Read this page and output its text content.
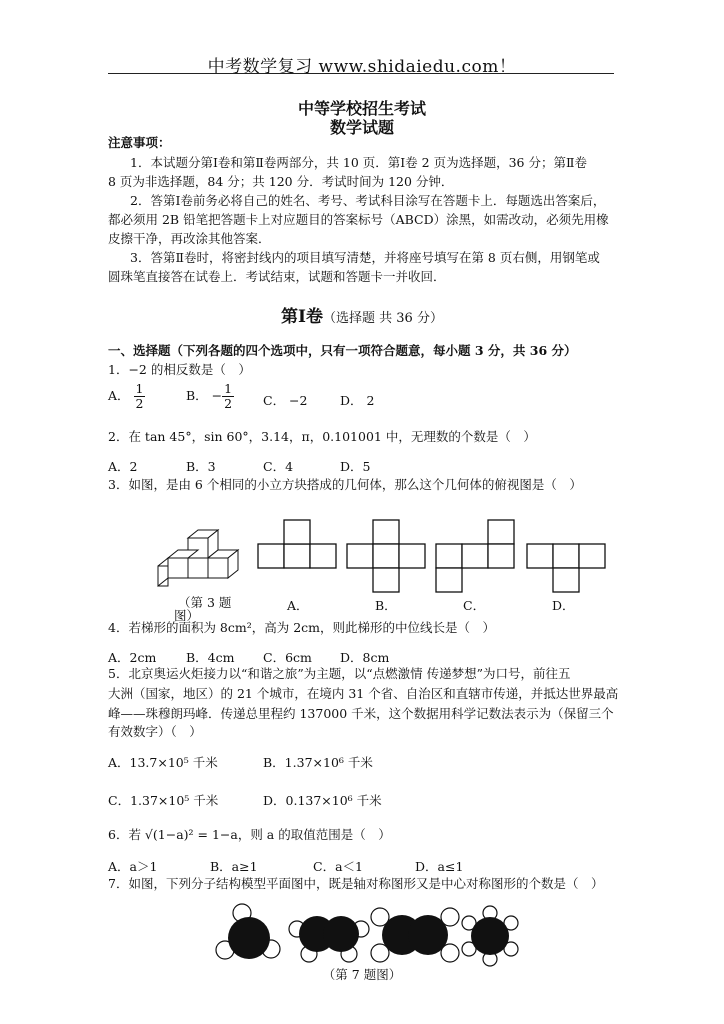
中考数学复习 www.shidaiedu.com！
中等学校招生考试
数学试题
注意事项：
1．本试题分第Ⅰ卷和第Ⅱ卷两部分，共 10 页．第Ⅰ卷 2 页为选择题，36 分；第Ⅱ卷
8 页为非选择题，84 分；共 120 分．考试时间为 120 分钟．
2．答第Ⅰ卷前务必将自己的姓名、考号、考试科目涂写在答题卡上．每题选出答案后，
都必须用 2B 铅笔把答题卡上对应题目的答案标号（ABCD）涂黑，如需改动，必须先用橡
皮擦干净，再改涂其他答案．
3．答第Ⅱ卷时，将密封线内的项目填写清楚，并将座号填写在第 8 页右侧，用钢笔或
圆珠笔直接答在试卷上．考试结束，试题和答题卡一并收回．
第Ⅰ卷（选择题 共 36 分）
一、选择题（下列各题的四个选项中，只有一项符合题意，每小题 3 分，共 36 分）
1．−2 的相反数是（　）
A． $\frac{1}{2}$	B． − $\frac{1}{2}$ C． −2	D． 2
2．在 tan 45°，sin 60°，3.14，π，0.101001 中，无理数的个数是（　）
A．2	B．3	C．4	D．5
3．如图，是由 6 个相同的小立方块搭成的几何体，那么这个几何体的俯视图是（　）
（第 3 题
图）
A．	B．	C．	D．
4．若梯形的面积为 8cm²，高为 2cm，则此梯形的中位线长是（　）
A．2cm B．4cm C．6cm D．8cm
5．北京奥运火炬接力以“和谐之旅”为主题，以“点燃激情 传递梦想”为口号，前往五
大洲（国家，地区）的 21 个城市，在境内 31 个省、自治区和直辖市传递，并抵达世界最高
峰——珠穆朗玛峰．传递总里程约 137000 千米，这个数据用科学记数法表示为（保留三个
有效数字）（　）
A．13.7×10⁵ 千米	B．1.37×10⁶ 千米
C．1.37×10⁵ 千米	D．0.137×10⁶ 千米
6．若 √(1−a)² = 1−a，则 a 的取值范围是（　）
A．a＞1	B．a≥1	C．a＜1	D．a≤1
7．如图，下列分子结构模型平面图中，既是轴对称图形又是中心对称图形的个数是（　）
（第 7 题图）
